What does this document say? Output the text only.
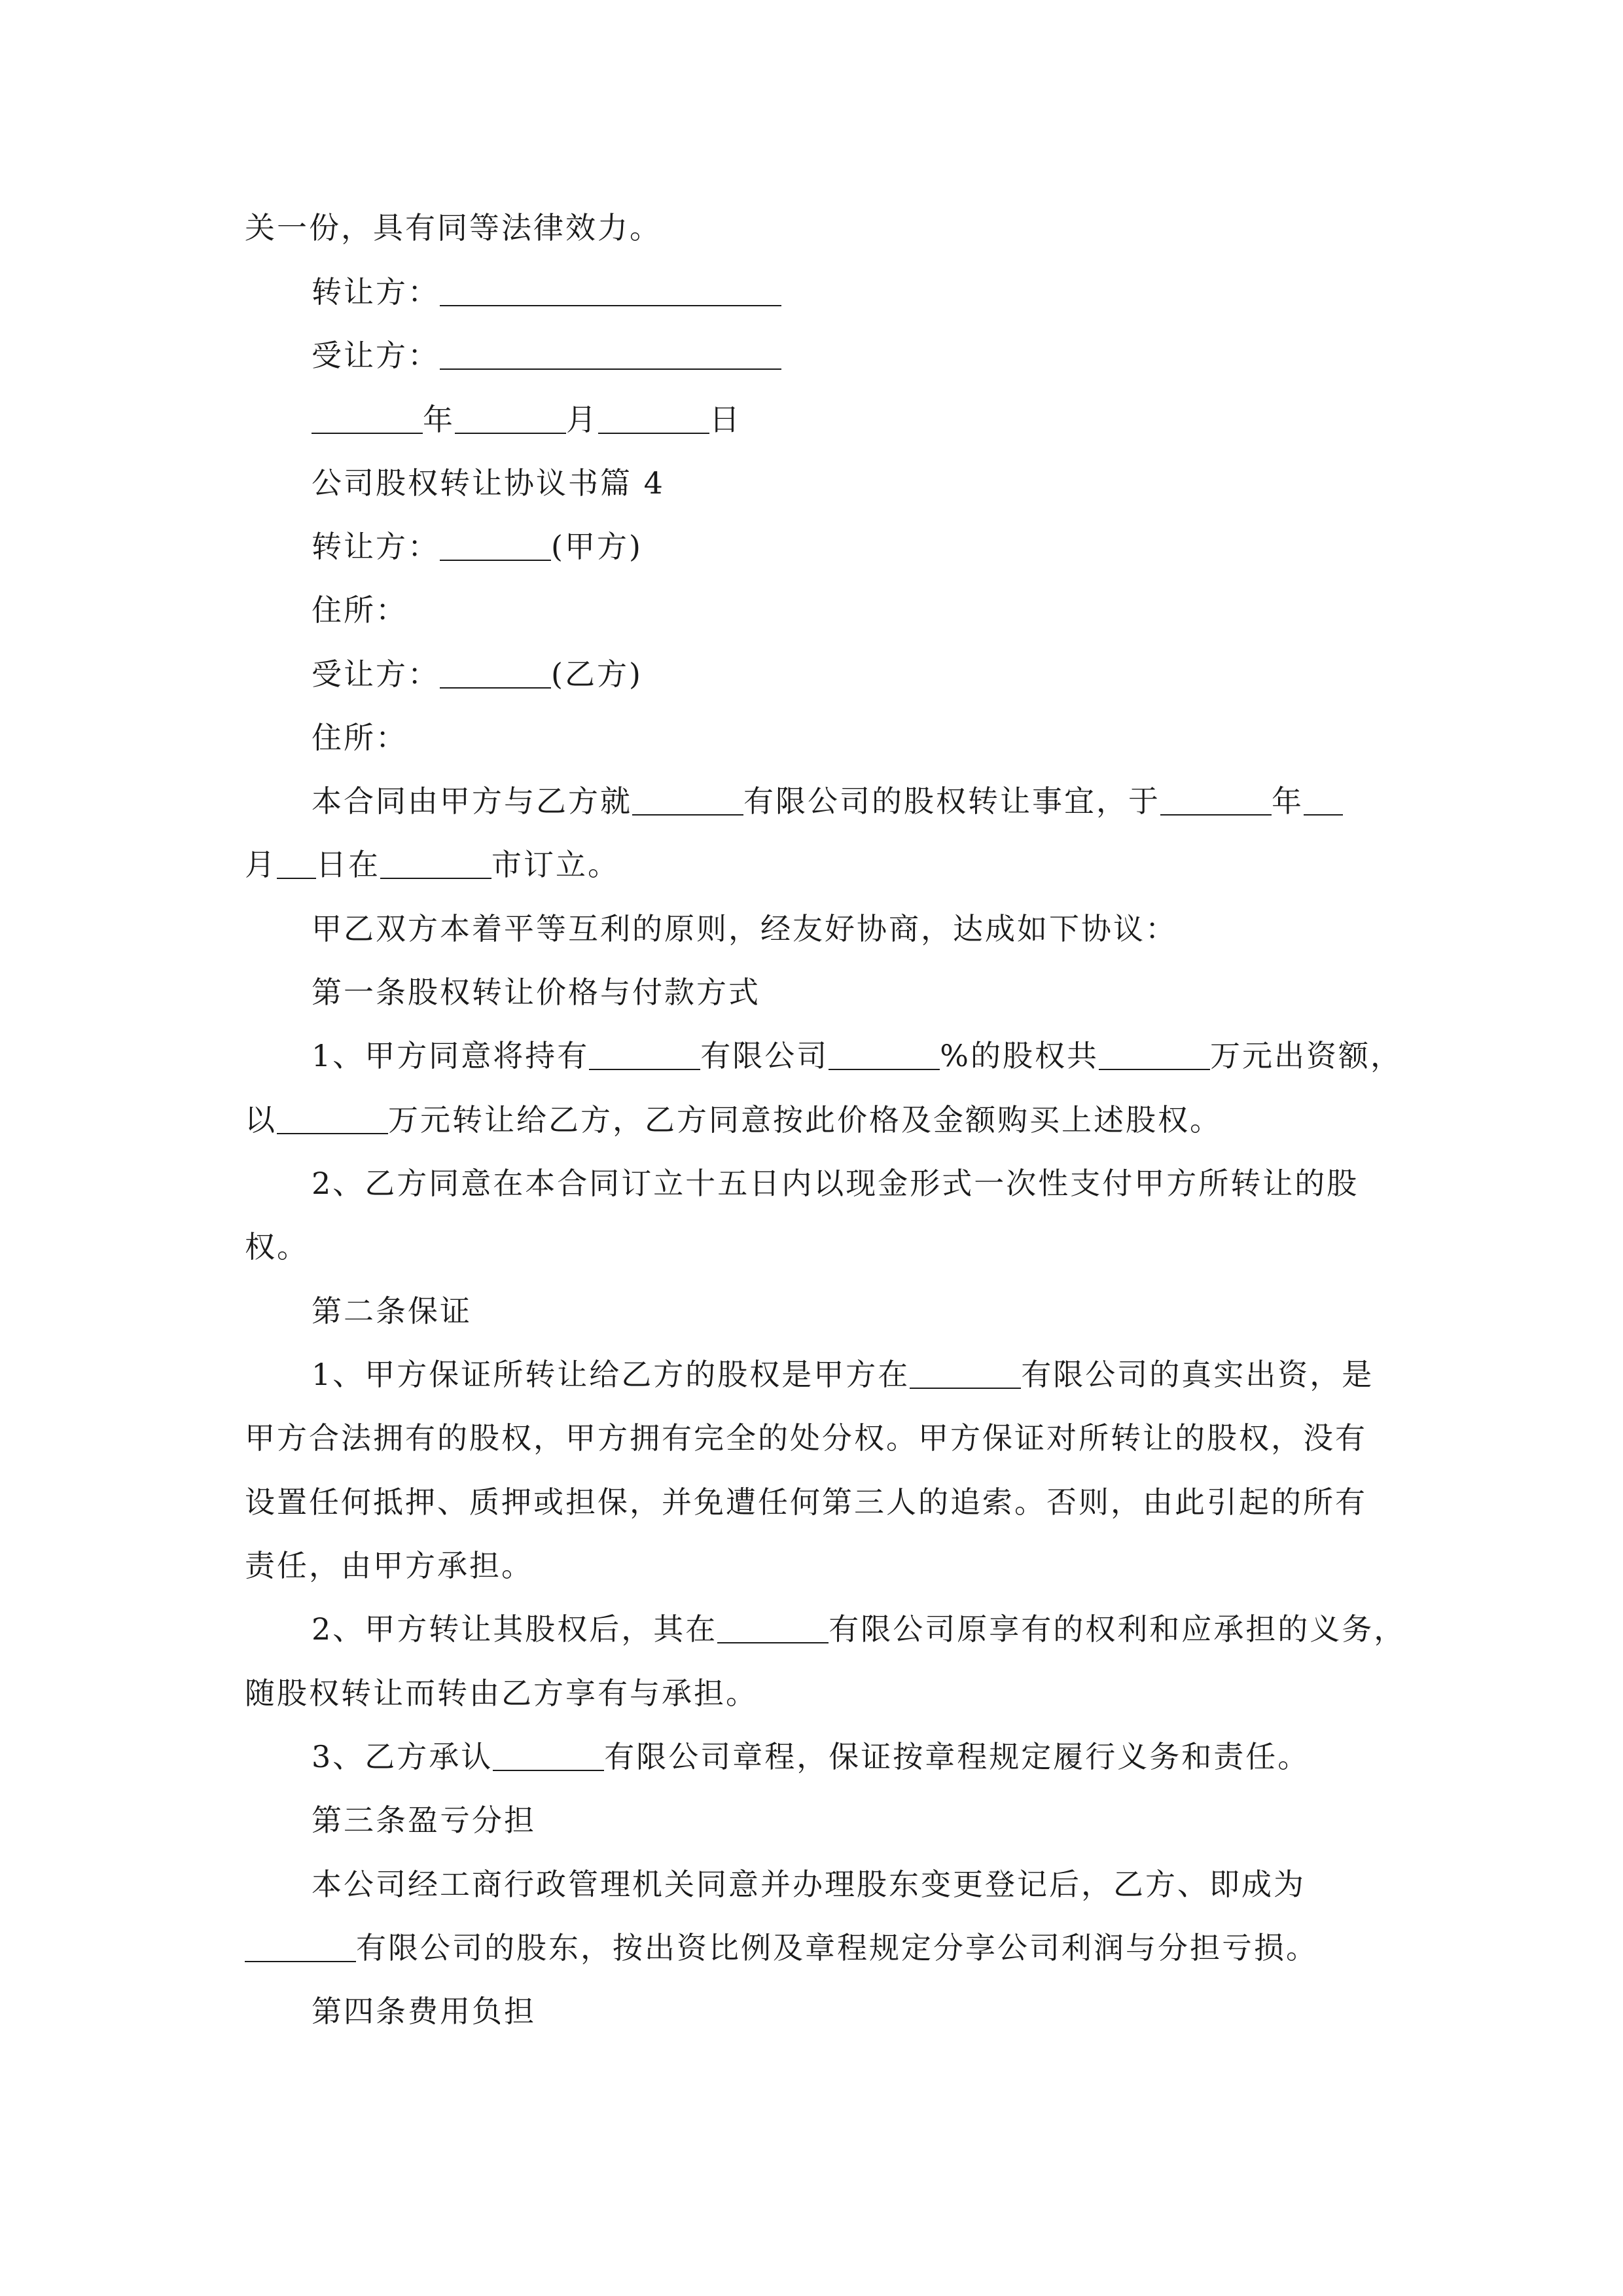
关一份，具有同等法律效力。
转让方：
受让方：
年	月	日
公司股权转让协议书篇 4
转让方：	(甲方)
住所：
受让方：	(乙方)
住所：
本合同由甲方与乙方就	有限公司的股权转让事宜，于	年
月 日在	市订立。
甲乙双方本着平等互利的原则，经友好协商，达成如下协议：
第一条股权转让价格与付款方式
1、甲方同意将持有	有限公司	%的股权共	万元出资额，
以	万元转让给乙方，乙方同意按此价格及金额购买上述股权。
2、乙方同意在本合同订立十五日内以现金形式一次性支付甲方所转让的股
权。
第二条保证
1、甲方保证所转让给乙方的股权是甲方在	有限公司的真实出资，是
甲方合法拥有的股权，甲方拥有完全的处分权。甲方保证对所转让的股权，没有
设置任何抵押、质押或担保，并免遭任何第三人的追索。否则，由此引起的所有
责任，由甲方承担。
2、甲方转让其股权后，其在	有限公司原享有的权利和应承担的义务，
随股权转让而转由乙方享有与承担。
3、乙方承认	有限公司章程，保证按章程规定履行义务和责任。
第三条盈亏分担
本公司经工商行政管理机关同意并办理股东变更登记后，乙方、即成为
有限公司的股东，按出资比例及章程规定分享公司利润与分担亏损。
第四条费用负担
